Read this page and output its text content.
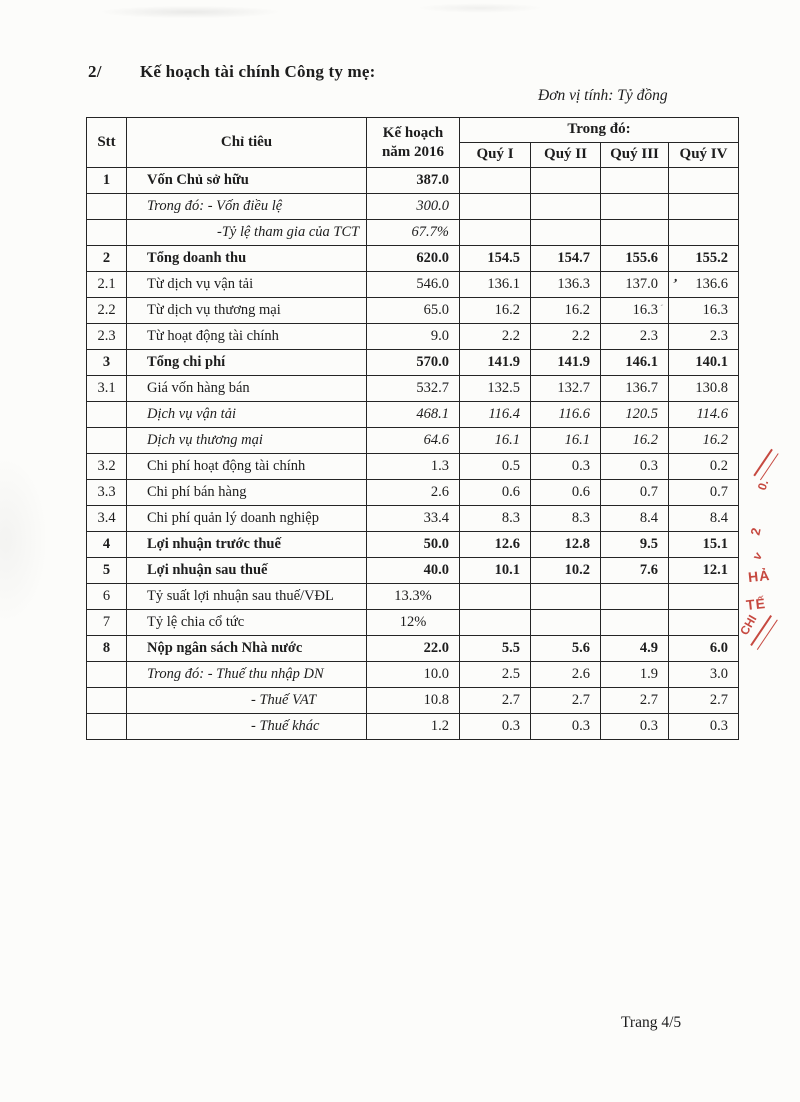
2/ Kế hoạch tài chính Công ty mẹ:
Đơn vị tính: Tỷ đồng
Stt	Chỉ tiêu	Kế hoạch năm 2016	Trong đó:			
			Quý I	Quý II	Quý III	Quý IV
1	Vốn Chủ sở hữu	387.0				
	Trong đó: - Vốn điều lệ	300.0				
	-Tỷ lệ tham gia của TCT	67.7%				
2	Tổng doanh thu	620.0	154.5	154.7	155.6	155.2
2.1	Từ dịch vụ vận tải	546.0	136.1	136.3	137.0	136.6
2.2	Từ dịch vụ thương mại	65.0	16.2	16.2	16.3	16.3
2.3	Từ hoạt động tài chính	9.0	2.2	2.2	2.3	2.3
3	Tổng chi phí	570.0	141.9	141.9	146.1	140.1
3.1	Giá vốn hàng bán	532.7	132.5	132.7	136.7	130.8
	Dịch vụ vận tải	468.1	116.4	116.6	120.5	114.6
	Dịch vụ thương mại	64.6	16.1	16.1	16.2	16.2
3.2	Chi phí hoạt động tài chính	1.3	0.5	0.3	0.3	0.2
3.3	Chi phí bán hàng	2.6	0.6	0.6	0.7	0.7
3.4	Chi phí quản lý doanh nghiệp	33.4	8.3	8.3	8.4	8.4
4	Lợi nhuận trước thuế	50.0	12.6	12.8	9.5	15.1
5	Lợi nhuận sau thuế	40.0	10.1	10.2	7.6	12.1
6	Tỷ suất lợi nhuận sau thuế/VĐL	13.3%				
7	Tỷ lệ chia cổ tức	12%				
8	Nộp ngân sách Nhà nước	22.0	5.5	5.6	4.9	6.0
	Trong đó: - Thuế thu nhập DN	10.0	2.5	2.6	1.9	3.0
	- Thuế VAT	10.8	2.7	2.7	2.7	2.7
	- Thuế khác	1.2	0.3	0.3	0.3	0.3
ʼ
ˊ
0.
2
v
HẢ
TẾ
CHI
Trang 4/5
